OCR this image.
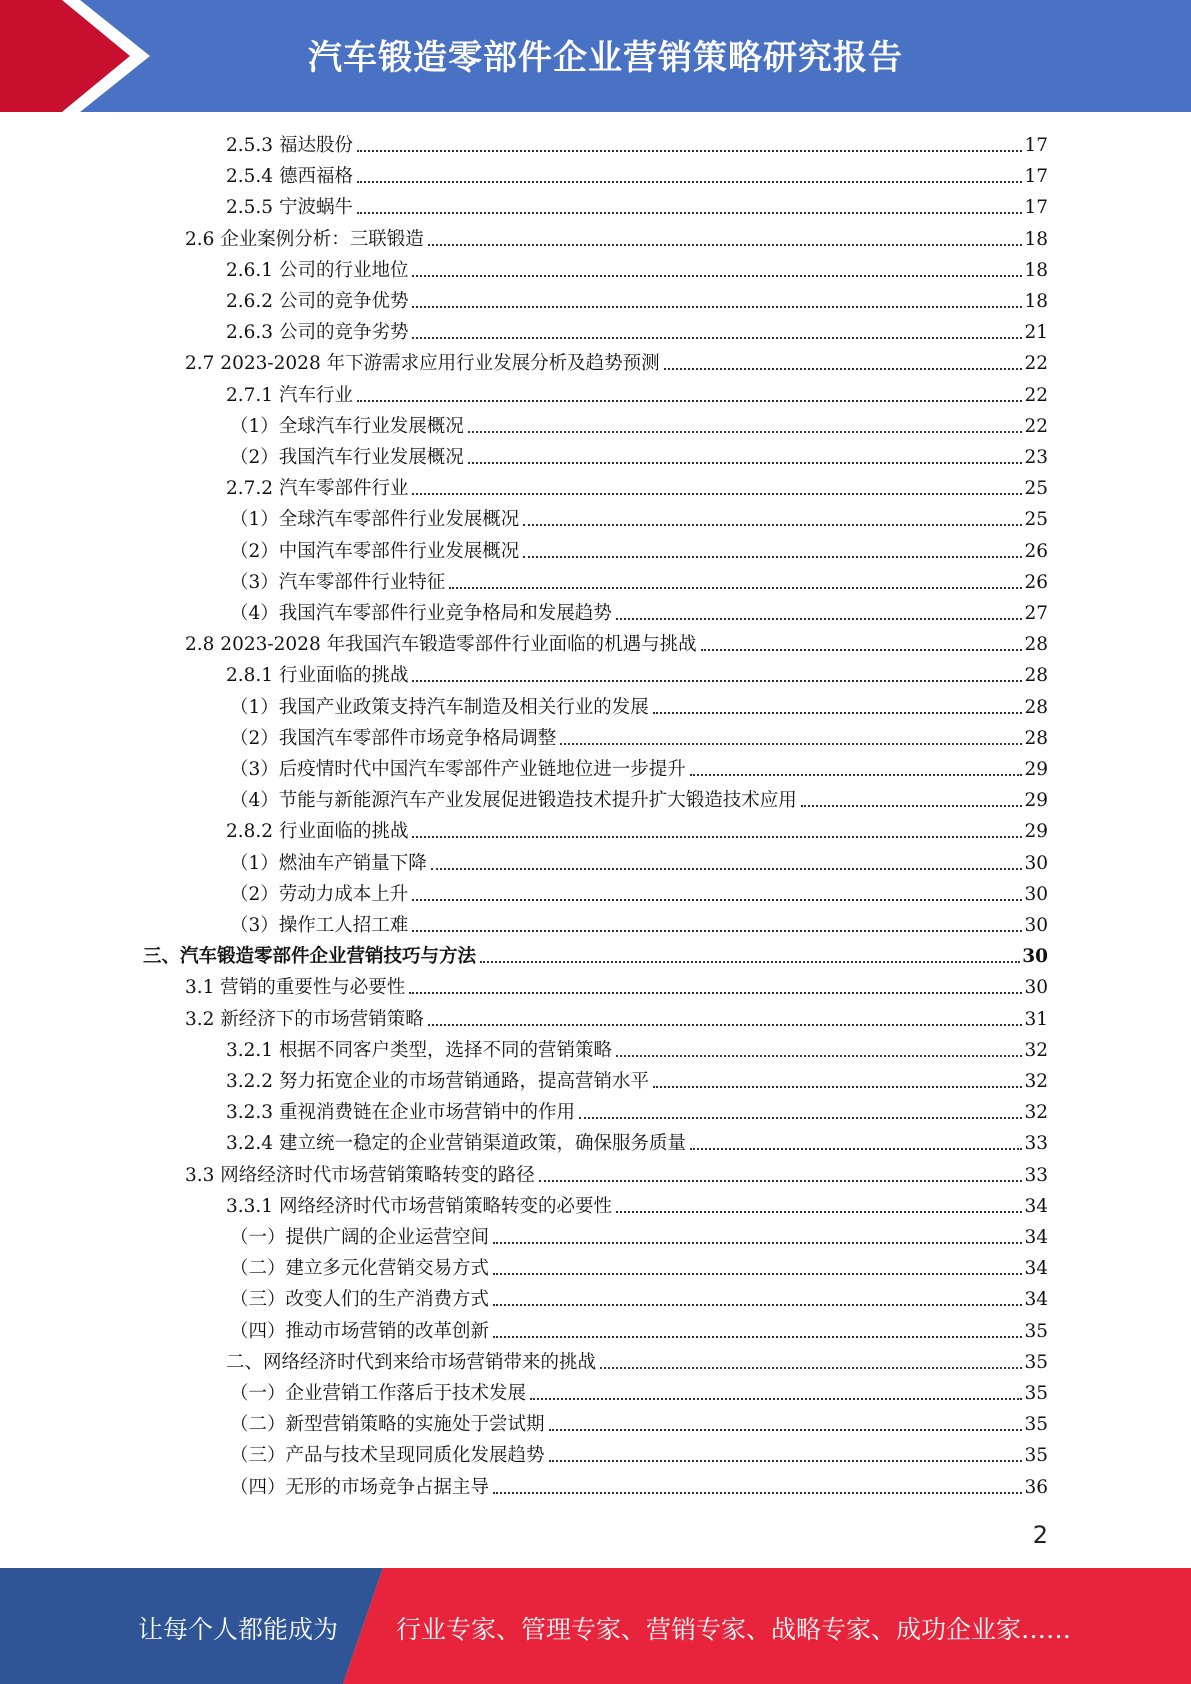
汽车锻造零部件企业营销策略研究报告
2.5.3 福达股份	17
2.5.4 德西福格	17
2.5.5 宁波蜗牛	17
2.6 企业案例分析：三联锻造	18
2.6.1 公司的行业地位	18
2.6.2 公司的竞争优势	18
2.6.3 公司的竞争劣势	21
2.7 2023-2028 年下游需求应用行业发展分析及趋势预测	22
2.7.1 汽车行业	22
（1）全球汽车行业发展概况	22
（2）我国汽车行业发展概况	23
2.7.2 汽车零部件行业	25
（1）全球汽车零部件行业发展概况	25
（2）中国汽车零部件行业发展概况	26
（3）汽车零部件行业特征	26
（4）我国汽车零部件行业竞争格局和发展趋势	27
2.8 2023-2028 年我国汽车锻造零部件行业面临的机遇与挑战	28
2.8.1 行业面临的挑战	28
（1）我国产业政策支持汽车制造及相关行业的发展	28
（2）我国汽车零部件市场竞争格局调整	28
（3）后疫情时代中国汽车零部件产业链地位进一步提升	29
（4）节能与新能源汽车产业发展促进锻造技术提升扩大锻造技术应用	29
2.8.2 行业面临的挑战	29
（1）燃油车产销量下降	30
（2）劳动力成本上升	30
（3）操作工人招工难	30
三、汽车锻造零部件企业营销技巧与方法	30
3.1 营销的重要性与必要性	30
3.2 新经济下的市场营销策略	31
3.2.1 根据不同客户类型，选择不同的营销策略	32
3.2.2 努力拓宽企业的市场营销通路，提高营销水平	32
3.2.3 重视消费链在企业市场营销中的作用	32
3.2.4 建立统一稳定的企业营销渠道政策，确保服务质量	33
3.3 网络经济时代市场营销策略转变的路径	33
3.3.1 网络经济时代市场营销策略转变的必要性	34
（一）提供广阔的企业运营空间	34
（二）建立多元化营销交易方式	34
（三）改变人们的生产消费方式	34
（四）推动市场营销的改革创新	35
二、网络经济时代到来给市场营销带来的挑战	35
（一）企业营销工作落后于技术发展	35
（二）新型营销策略的实施处于尝试期	35
（三）产品与技术呈现同质化发展趋势	35
（四）无形的市场竞争占据主导	36
2
让每个人都能成为 行业专家、管理专家、营销专家、战略专家、成功企业家……
